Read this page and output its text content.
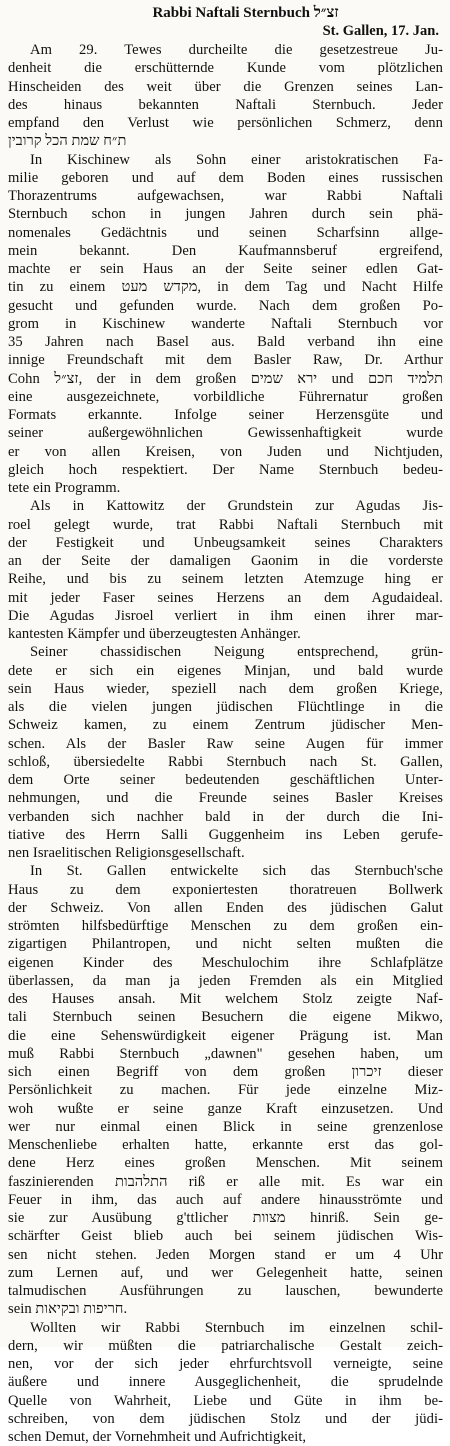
Rabbi Naftali Sternbuch זצ״ל
St. Gallen, 17. Jan.
Am 29. Tewes durcheilte die gesetzestreue Ju-
denheit die erschütternde Kunde vom plötzlichen
Hinscheiden des weit über die Grenzen seines Lan-
des hinaus bekannten Naftali Sternbuch. Jeder
empfand den Verlust wie persönlichen Schmerz, denn
ת״ח שמת הכל קרובין
In Kischinew als Sohn einer aristokratischen Fa-
milie geboren und auf dem Boden eines russischen
Thorazentrums aufgewachsen, war Rabbi Naftali
Sternbuch schon in jungen Jahren durch sein phä-
nomenales Gedächtnis und seinen Scharfsinn allge-
mein bekannt. Den Kaufmannsberuf ergreifend,
machte er sein Haus an der Seite seiner edlen Gat-
tin zu einem מקדש מעט, in dem Tag und Nacht Hilfe
gesucht und gefunden wurde. Nach dem großen Po-
grom in Kischinew wanderte Naftali Sternbuch vor
35 Jahren nach Basel aus. Bald verband ihn eine
innige Freundschaft mit dem Basler Raw, Dr. Arthur
Cohn זצ״ל, der in dem großen ירא שמים und תלמיד חכם
eine ausgezeichnete, vorbildliche Führernatur großen
Formats erkannte. Infolge seiner Herzensgüte und
seiner außergewöhnlichen Gewissenhaftigkeit wurde
er von allen Kreisen, von Juden und Nichtjuden,
gleich hoch respektiert. Der Name Sternbuch bedeu-
tete ein Programm.
Als in Kattowitz der Grundstein zur Agudas Jis-
roel gelegt wurde, trat Rabbi Naftali Sternbuch mit
der Festigkeit und Unbeugsamkeit seines Charakters
an der Seite der damaligen Gaonim in die vorderste
Reihe, und bis zu seinem letzten Atemzuge hing er
mit jeder Faser seines Herzens an dem Agudaideal.
Die Agudas Jisroel verliert in ihm einen ihrer mar-
kantesten Kämpfer und überzeugtesten Anhänger.
Seiner chassidischen Neigung entsprechend, grün-
dete er sich ein eigenes Minjan, und bald wurde
sein Haus wieder, speziell nach dem großen Kriege,
als die vielen jungen jüdischen Flüchtlinge in die
Schweiz kamen, zu einem Zentrum jüdischer Men-
schen. Als der Basler Raw seine Augen für immer
schloß, übersiedelte Rabbi Sternbuch nach St. Gallen,
dem Orte seiner bedeutenden geschäftlichen Unter-
nehmungen, und die Freunde seines Basler Kreises
verbanden sich nachher bald in der durch die Ini-
tiative des Herrn Salli Guggenheim ins Leben gerufe-
nen Israelitischen Religionsgesellschaft.
In St. Gallen entwickelte sich das Sternbuch'sche
Haus zu dem exponiertesten thoratreuen Bollwerk
der Schweiz. Von allen Enden des jüdischen Galut
strömten hilfsbedürftige Menschen zu dem großen ein-
zigartigen Philantropen, und nicht selten mußten die
eigenen Kinder des Meschulochim ihre Schlafplätze
überlassen, da man ja jeden Fremden als ein Mitglied
des Hauses ansah. Mit welchem Stolz zeigte Naf-
tali Sternbuch seinen Besuchern die eigene Mikwo,
die eine Sehenswürdigkeit eigener Prägung ist. Man
muß Rabbi Sternbuch „dawnen" gesehen haben, um
sich einen Begriff von dem großen זיכרון dieser
Persönlichkeit zu machen. Für jede einzelne Miz-
woh wußte er seine ganze Kraft einzusetzen. Und
wer nur einmal einen Blick in seine grenzenlose
Menschenliebe erhalten hatte, erkannte erst das gol-
dene Herz eines großen Menschen. Mit seinem
faszinierenden התלהבות riß er alle mit. Es war ein
Feuer in ihm, das auch auf andere hinausströmte und
sie zur Ausübung g'ttlicher מצוות hinriß. Sein ge-
schärfter Geist blieb auch bei seinem jüdischen Wis-
sen nicht stehen. Jeden Morgen stand er um 4 Uhr
zum Lernen auf, und wer Gelegenheit hatte, seinen
talmudischen Ausführungen zu lauschen, bewunderte
sein חריפות ובקיאות.
Wollten wir Rabbi Sternbuch im einzelnen schil-
dern, wir müßten die patriarchalische Gestalt zeich-
nen, vor der sich jeder ehrfurchtsvoll verneigte, seine
äußere und innere Ausgeglichenheit, die sprudelnde
Quelle von Wahrheit, Liebe und Güte in ihm be-
schreiben, von dem jüdischen Stolz und der jüdi-
schen Demut, der Vornehmheit und Aufrichtigkeit,
